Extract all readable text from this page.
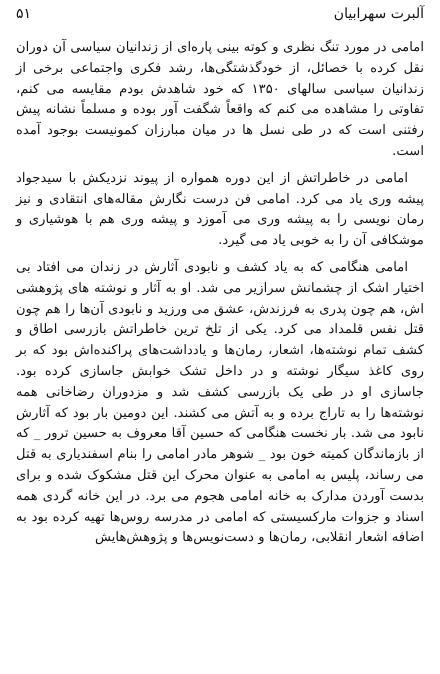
۵۱	آلبرت سهرابیان

امامی در مورد تنگ نظری و کوته بینی پاره‌ای از زندانیان سیاسی آن دوران نقل کرده با خصائل، از خودگذشتگی‌ها، رشد فکری واجتماعی برخی از زندانیان سیاسی سالهای ۱۳۵۰ که خود شاهدش بودم مقایسه می کنم، تفاوتی را مشاهده می کنم که واقعاً شگفت آور بوده و مسلماً نشانه پیش رفتنی است که در طی نسل ها در میان مبارزان کمونیست بوجود آمده است.

امامی در خاطراتش از این دوره همواره از پیوند نزدیکش با سیدجواد پیشه وری یاد می کرد. امامی فن درست نگارش مقاله‌های انتقادی و نیز رمان نویسی را به پیشه وری می آموزد و پیشه وری هم با هوشیاری و موشکافی آن را به خوبی یاد می گیرد.

امامی هنگامی که به یاد کشف و نابودی آثارش در زندان می افتاد بی اختیار اشک از چشمانش سرازیر می شد. او به آثار و نوشته های پژوهشی اش، هم چون پدری به فرزندش، عشق می ورزید و نابودی آن‌ها را هم چون قتل نفس قلمداد می کرد. یکی از تلخ ترین خاطراتش بازرسی اطاق و کشف تمام نوشته‌ها، اشعار، رمان‌ها و یادداشت‌های پراکنده‌اش بود که بر روی کاغذ سیگار نوشته و در داخل تشک خوابش جاسازی کرده بود. جاسازی او در طی یک بازرسی کشف شد و مزدوران رضاخانی همه نوشته‌ها را به تاراج برده و به آتش می کشند. این دومین بار بود که آثارش نابود می شد. بار نخست هنگامی که حسین آقا معروف به حسین ترور _ که از بازماندگان کمیته خون بود _ شوهر مادر امامی را بنام اسفندیاری به قتل می رساند، پلیس به امامی به عنوان محرک این قتل مشکوک شده و برای بدست آوردن مدارک به خانه امامی هجوم می برد. در این خانه گردی همه اسناد و جزوات مارکسیستی که امامی در مدرسه روس‌ها تهیه کرده بود به اضافه اشعار انقلابی، رمان‌ها و دست‌نویس‌ها و پژوهش‌هایش
